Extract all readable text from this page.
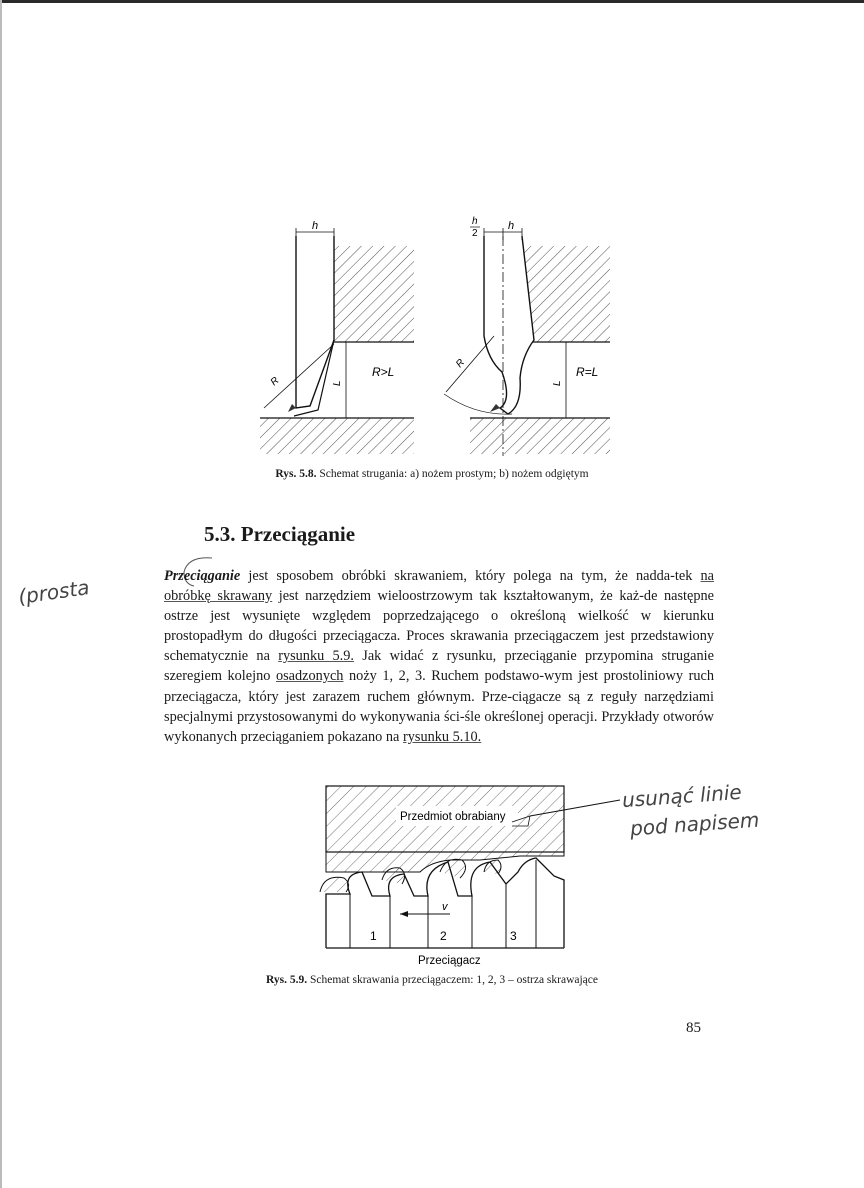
h
R	L
R>L
h
2
h
R
L
R=L
Rys. 5.8. Schemat strugania: a) nożem prostym; b) nożem odgiętym
5.3. Przeciąganie
Przeciąganie jest sposobem obróbki skrawaniem, który polega na tym, że nadda-tek na obróbkę skrawany jest narzędziem wieloostrzowym tak kształtowanym, że każ-de następne ostrze jest wysunięte względem poprzedzającego o określoną wielkość w kierunku prostopadłym do długości przeciągacza. Proces skrawania przeciągaczem jest przedstawiony schematycznie na rysunku 5.9. Jak widać z rysunku, przeciąganie przypomina struganie szeregiem kolejno osadzonych noży 1, 2, 3. Ruchem podstawo-wym jest prostoliniowy ruch przeciągacza, który jest zarazem ruchem głównym. Prze-ciągacze są z reguły narzędziami specjalnymi przystosowanymi do wykonywania ści-śle określonej operacji. Przykłady otworów wykonanych przeciąganiem pokazano na rysunku 5.10.
(prosta
usunąć linie
pod napisem
Przedmiot obrabiany
v
1	2	3
Przeciągacz
Rys. 5.9. Schemat skrawania przeciągaczem: 1, 2, 3 – ostrza skrawające
85
